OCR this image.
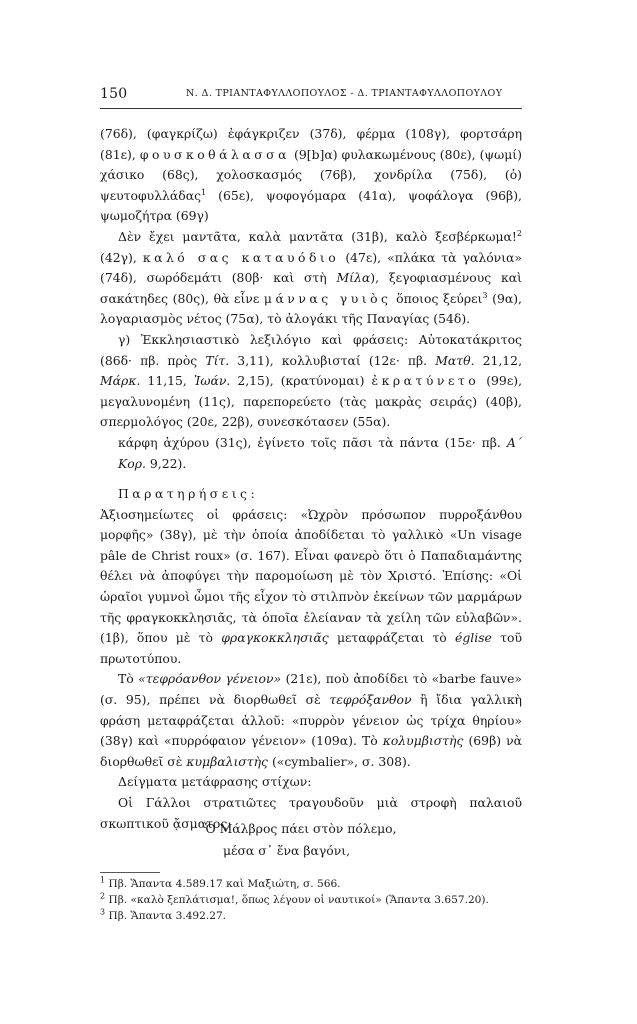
150	Ν. Δ. ΤΡΙΑΝΤΑΦΥΛΛΟΠΟΥΛΟΣ - Δ. ΤΡΙΑΝΤΑΦΥΛΛΟΠΟΥΛΟΥ

(76δ), (φαγκρίζω) ἐφάγκριζεν (37δ), φέρμα (108γ), φορτσάρη (81ε), φουσκοθάλασσα (9[b]α) φυλακωμένους (80ε), (ψωμί) χάσικο (68ς), χολοσκασμός (76β), χονδρίλα (75δ), (ὁ) ψευτοφυλλάδας$^1$ (65ε), ψοφογόμαρα (41α), ψοφάλογα (96β), ψωμοζήτρα (69γ)

Δὲν ἔχει μαντᾶτα, καλὰ μαντᾶτα (31β), καλὸ ξεσβέρκωμα!$^2$ (42γ), καλό σας καταυόδιο (47ε), «πλάκα τὰ γαλόνια» (74δ), σωρόδεμάτι (80β· καὶ στὴ Μίλα), ξεγοφιασμένους καὶ σακάτηδες (80ς), θὰ εἶνε μάννας γυιὸς ὅποιος ξεύρει$^3$ (9α), λογαριασμὸς νέτος (75α), τὸ ἀλογάκι τῆς Παναγίας (54δ).

γ) Ἐκκλησιαστικὸ λεξιλόγιο καὶ φράσεις: Αὐτοκατάκριτος (86δ· πβ. πρὸς Τίτ. 3,11), κολλυβισταί (12ε· πβ. Ματθ. 21,12, Μάρκ. 11,15, Ἰωάν. 2,15), (κρατύνομαι) ἐκρατύνετο (99ε), μεγαλυνομένη (11ς), παρεπορεύετο (τὰς μακρὰς σειράς) (40β), σπερμολόγος (20ε, 22β), συνεσκότασεν (55α).

κάρφη ἀχύρου (31ς), ἐγίνετο τοῖς πᾶσι τὰ πάντα (15ε· πβ. Α΄ Κορ. 9,22).

Παρατηρήσεις:

Ἀξιοσημείωτες οἱ φράσεις: «Ὠχρὸν πρόσωπον πυρροξάνθου μορφῆς» (38γ), μὲ τὴν ὁποία ἀποδίδεται τὸ γαλλικὸ «Un visage pâle de Christ roux» (σ. 167). Εἶναι φανερὸ ὅτι ὁ Παπαδιαμάντης θέλει νὰ ἀποφύγει τὴν παρομοίωση μὲ τὸν Χριστό. Ἐπίσης: «Οἱ ὡραῖοι γυμνοὶ ὦμοι τῆς εἶχον τὸ στιλπνὸν ἐκείνων τῶν μαρμάρων τῆς φραγκοκκλησιᾶς, τὰ ὁποῖα ἐλείαναν τὰ χείλη τῶν εὐλαβῶν». (1β), ὅπου μὲ τὸ φραγκοκκλησιᾶς μεταφράζεται τὸ église τοῦ πρωτοτύπου.

Τὸ «τεφρόανθον γένειον» (21ε), ποὺ ἀποδίδει τὸ «barbe fauve» (σ. 95), πρέπει νὰ διορθωθεῖ σὲ τεφρόξανθον ἢ ἴδια γαλλικὴ φράση μεταφράζεται ἀλλοῦ: «πυρρὸν γένειον ὡς τρίχα θηρίου» (38γ) καὶ «πυρρόφαιον γένειον» (109α). Τὸ κολυμβιστὴς (69β) νὰ διορθωθεῖ σὲ κυμβαλιστὴς («cymbalier», σ. 308).

Δείγματα μετάφρασης στίχων:

Οἱ Γάλλοι στρατιῶτες τραγουδοῦν μιὰ στροφὴ παλαιοῦ σκωπτικοῦ ᾄσματος:

Ὁ Μάλβρος πάει στὸν πόλεμο,

μέσα σ᾽ ἕνα βαγόνι,

$^1$ Πβ. Ἅπαντα 4.589.17 καὶ Μαξιώτη, σ. 566.

$^2$ Πβ. «καλὸ ξεπλάτισμα!, ὅπως λέγουν οἱ ναυτικοί» (Ἅπαντα 3.657.20).

$^3$ Πβ. Ἅπαντα 3.492.27.
